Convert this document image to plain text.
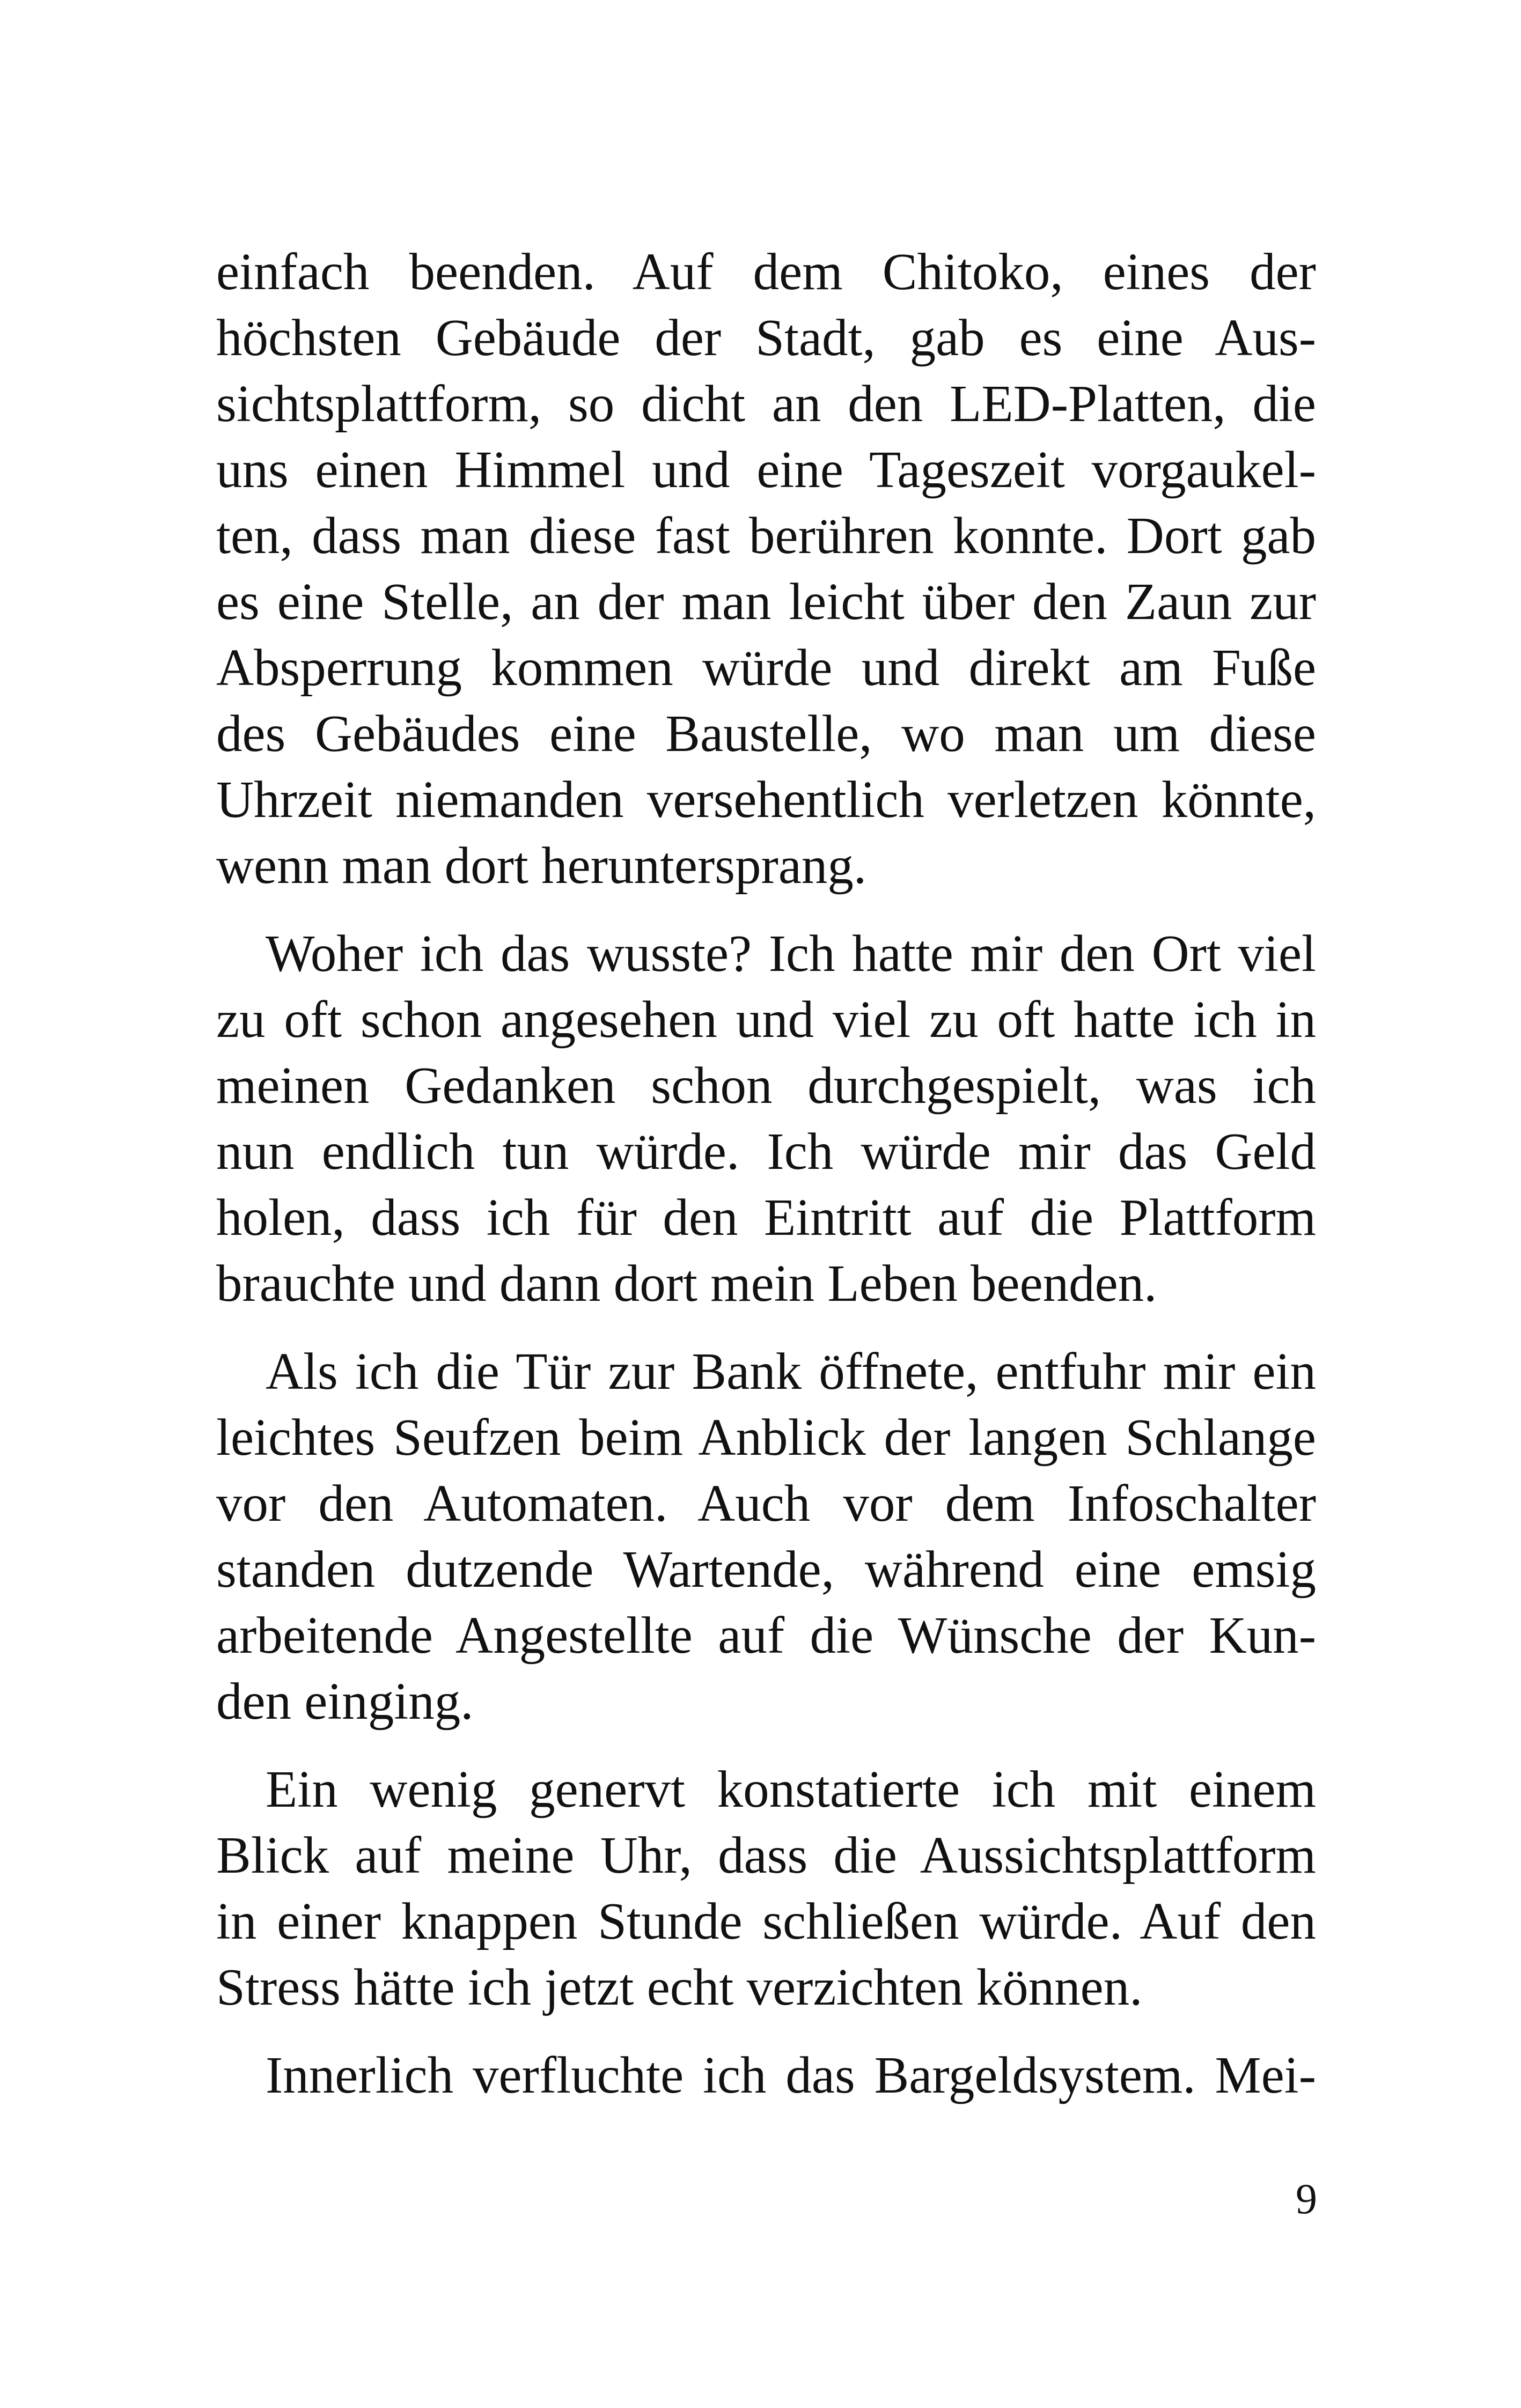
einfach beenden. Auf dem Chitoko, eines der
höchsten Gebäude der Stadt, gab es eine Aus-
sichtsplattform, so dicht an den LED-Platten, die
uns einen Himmel und eine Tageszeit vorgaukel-
ten, dass man diese fast berühren konnte. Dort gab
es eine Stelle, an der man leicht über den Zaun zur
Absperrung kommen würde und direkt am Fuße
des Gebäudes eine Baustelle, wo man um diese
Uhrzeit niemanden versehentlich verletzen könnte,
wenn man dort heruntersprang.
Woher ich das wusste? Ich hatte mir den Ort viel
zu oft schon angesehen und viel zu oft hatte ich in
meinen Gedanken schon durchgespielt, was ich
nun endlich tun würde. Ich würde mir das Geld
holen, dass ich für den Eintritt auf die Plattform
brauchte und dann dort mein Leben beenden.
Als ich die Tür zur Bank öffnete, entfuhr mir ein
leichtes Seufzen beim Anblick der langen Schlange
vor den Automaten. Auch vor dem Infoschalter
standen dutzende Wartende, während eine emsig
arbeitende Angestellte auf die Wünsche der Kun-
den einging.
Ein wenig genervt konstatierte ich mit einem
Blick auf meine Uhr, dass die Aussichtsplattform
in einer knappen Stunde schließen würde. Auf den
Stress hätte ich jetzt echt verzichten können.
Innerlich verfluchte ich das Bargeldsystem. Mei-
9
